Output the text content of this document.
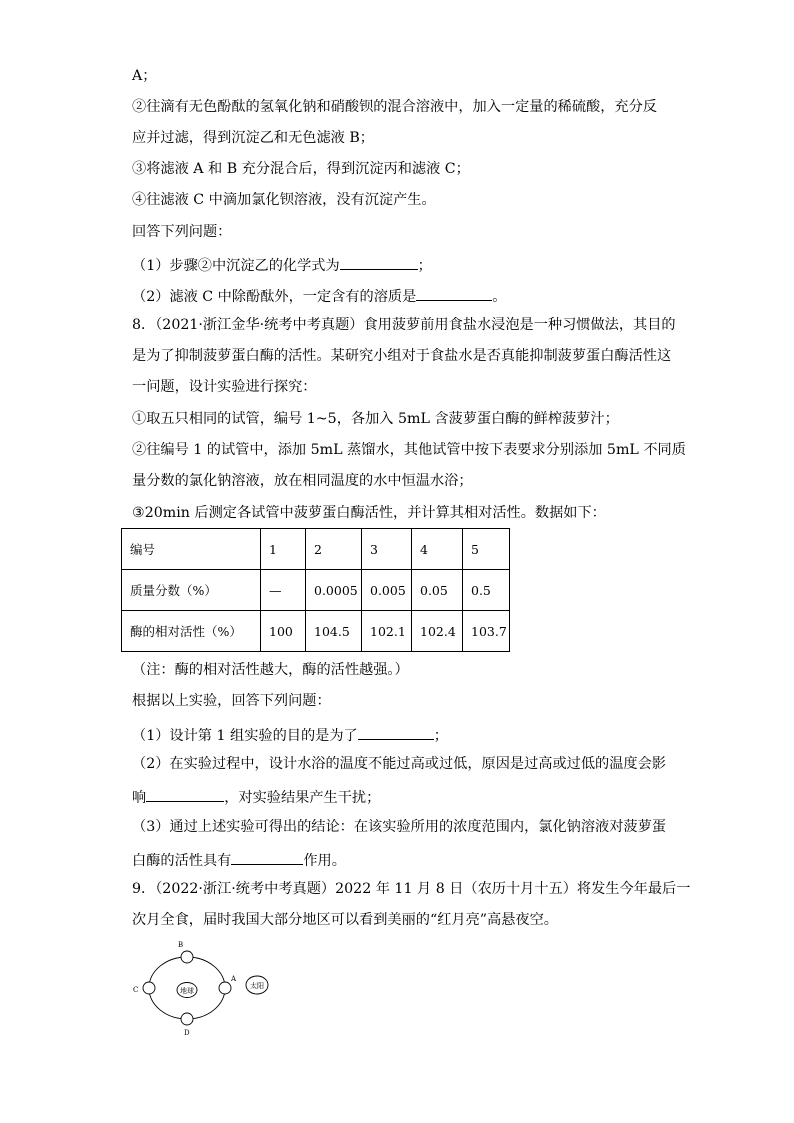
A；
②往滴有无色酚酞的氢氧化钠和硝酸钡的混合溶液中，加入一定量的稀硫酸，充分反
应并过滤，得到沉淀乙和无色滤液 B；
③将滤液 A 和 B 充分混合后，得到沉淀丙和滤液 C；
④往滤液 C 中滴加氯化钡溶液，没有沉淀产生。
回答下列问题：
（1）步骤②中沉淀乙的化学式为	；
（2）滤液 C 中除酚酞外，一定含有的溶质是	。
8．（2021·浙江金华·统考中考真题）食用菠萝前用食盐水浸泡是一种习惯做法，其目的
是为了抑制菠萝蛋白酶的活性。某研究小组对于食盐水是否真能抑制菠萝蛋白酶活性这
一问题，设计实验进行探究：
①取五只相同的试管，编号 1~5，各加入 5mL 含菠萝蛋白酶的鲜榨菠萝汁；
②往编号 1 的试管中，添加 5mL 蒸馏水，其他试管中按下表要求分别添加 5mL 不同质
量分数的氯化钠溶液，放在相同温度的水中恒温水浴；
③20min 后测定各试管中菠萝蛋白酶活性，并计算其相对活性。数据如下：
编号	1	2	3	4	5
质量分数（%）	—	0.0005	0.005	0.05	0.5
酶的相对活性（%）	100	104.5	102.1	102.4	103.7
（注：酶的相对活性越大，酶的活性越强。）
根据以上实验，回答下列问题：
（1）设计第 1 组实验的目的是为了	；
（2）在实验过程中，设计水浴的温度不能过高或过低，原因是过高或过低的温度会影
响	，对实验结果产生干扰；
（3）通过上述实验可得出的结论：在该实验所用的浓度范围内，氯化钠溶液对菠萝蛋
白酶的活性具有	作用。
9．（2022·浙江·统考中考真题）2022 年 11 月 8 日（农历十月十五）将发生今年最后一
次月全食，届时我国大部分地区可以看到美丽的“红月亮”高悬夜空。
地球
A
B
C
D
太阳
